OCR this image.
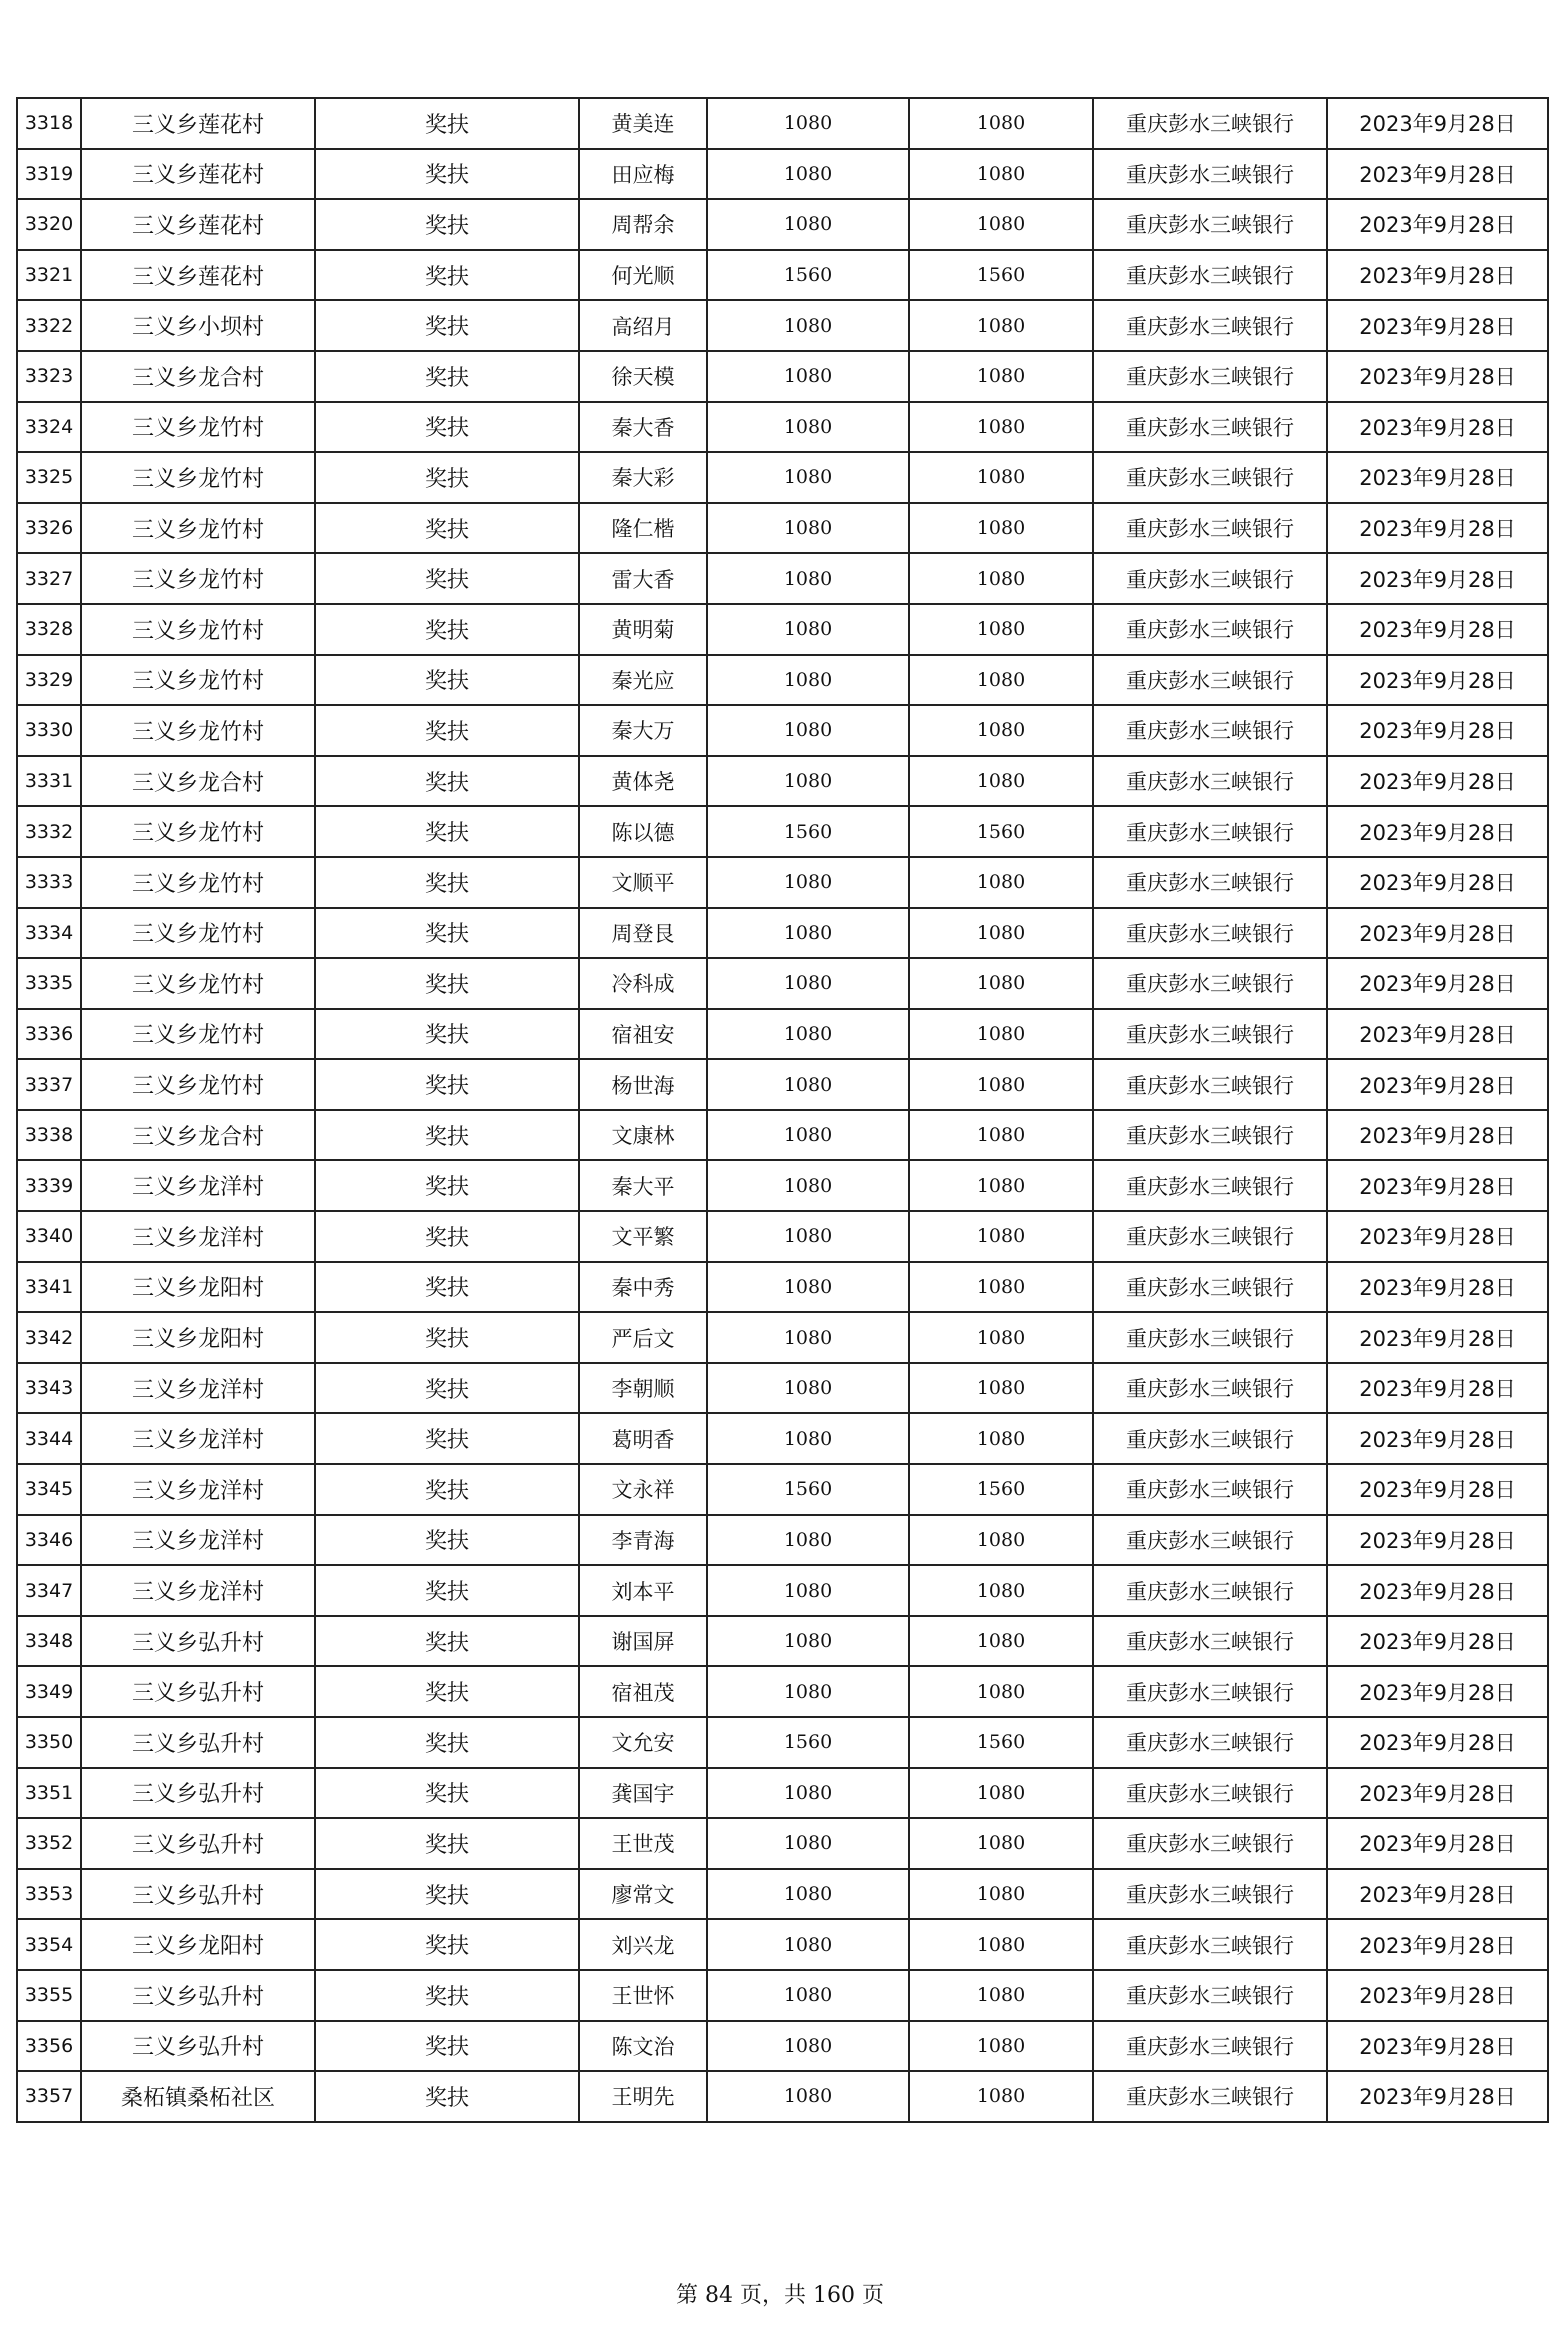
3318	三义乡莲花村	奖扶	黄美连	1080	1080	重庆彭水三峡银行	2023年9月28日
3319	三义乡莲花村	奖扶	田应梅	1080	1080	重庆彭水三峡银行	2023年9月28日
3320	三义乡莲花村	奖扶	周帮余	1080	1080	重庆彭水三峡银行	2023年9月28日
3321	三义乡莲花村	奖扶	何光顺	1560	1560	重庆彭水三峡银行	2023年9月28日
3322	三义乡小坝村	奖扶	高绍月	1080	1080	重庆彭水三峡银行	2023年9月28日
3323	三义乡龙合村	奖扶	徐天模	1080	1080	重庆彭水三峡银行	2023年9月28日
3324	三义乡龙竹村	奖扶	秦大香	1080	1080	重庆彭水三峡银行	2023年9月28日
3325	三义乡龙竹村	奖扶	秦大彩	1080	1080	重庆彭水三峡银行	2023年9月28日
3326	三义乡龙竹村	奖扶	隆仁楷	1080	1080	重庆彭水三峡银行	2023年9月28日
3327	三义乡龙竹村	奖扶	雷大香	1080	1080	重庆彭水三峡银行	2023年9月28日
3328	三义乡龙竹村	奖扶	黄明菊	1080	1080	重庆彭水三峡银行	2023年9月28日
3329	三义乡龙竹村	奖扶	秦光应	1080	1080	重庆彭水三峡银行	2023年9月28日
3330	三义乡龙竹村	奖扶	秦大万	1080	1080	重庆彭水三峡银行	2023年9月28日
3331	三义乡龙合村	奖扶	黄体尧	1080	1080	重庆彭水三峡银行	2023年9月28日
3332	三义乡龙竹村	奖扶	陈以德	1560	1560	重庆彭水三峡银行	2023年9月28日
3333	三义乡龙竹村	奖扶	文顺平	1080	1080	重庆彭水三峡银行	2023年9月28日
3334	三义乡龙竹村	奖扶	周登艮	1080	1080	重庆彭水三峡银行	2023年9月28日
3335	三义乡龙竹村	奖扶	冷科成	1080	1080	重庆彭水三峡银行	2023年9月28日
3336	三义乡龙竹村	奖扶	宿祖安	1080	1080	重庆彭水三峡银行	2023年9月28日
3337	三义乡龙竹村	奖扶	杨世海	1080	1080	重庆彭水三峡银行	2023年9月28日
3338	三义乡龙合村	奖扶	文康林	1080	1080	重庆彭水三峡银行	2023年9月28日
3339	三义乡龙洋村	奖扶	秦大平	1080	1080	重庆彭水三峡银行	2023年9月28日
3340	三义乡龙洋村	奖扶	文平繁	1080	1080	重庆彭水三峡银行	2023年9月28日
3341	三义乡龙阳村	奖扶	秦中秀	1080	1080	重庆彭水三峡银行	2023年9月28日
3342	三义乡龙阳村	奖扶	严后文	1080	1080	重庆彭水三峡银行	2023年9月28日
3343	三义乡龙洋村	奖扶	李朝顺	1080	1080	重庆彭水三峡银行	2023年9月28日
3344	三义乡龙洋村	奖扶	葛明香	1080	1080	重庆彭水三峡银行	2023年9月28日
3345	三义乡龙洋村	奖扶	文永祥	1560	1560	重庆彭水三峡银行	2023年9月28日
3346	三义乡龙洋村	奖扶	李青海	1080	1080	重庆彭水三峡银行	2023年9月28日
3347	三义乡龙洋村	奖扶	刘本平	1080	1080	重庆彭水三峡银行	2023年9月28日
3348	三义乡弘升村	奖扶	谢国屏	1080	1080	重庆彭水三峡银行	2023年9月28日
3349	三义乡弘升村	奖扶	宿祖茂	1080	1080	重庆彭水三峡银行	2023年9月28日
3350	三义乡弘升村	奖扶	文允安	1560	1560	重庆彭水三峡银行	2023年9月28日
3351	三义乡弘升村	奖扶	龚国宇	1080	1080	重庆彭水三峡银行	2023年9月28日
3352	三义乡弘升村	奖扶	王世茂	1080	1080	重庆彭水三峡银行	2023年9月28日
3353	三义乡弘升村	奖扶	廖常文	1080	1080	重庆彭水三峡银行	2023年9月28日
3354	三义乡龙阳村	奖扶	刘兴龙	1080	1080	重庆彭水三峡银行	2023年9月28日
3355	三义乡弘升村	奖扶	王世怀	1080	1080	重庆彭水三峡银行	2023年9月28日
3356	三义乡弘升村	奖扶	陈文治	1080	1080	重庆彭水三峡银行	2023年9月28日
3357	桑柘镇桑柘社区	奖扶	王明先	1080	1080	重庆彭水三峡银行	2023年9月28日
第 84 页，共 160 页
